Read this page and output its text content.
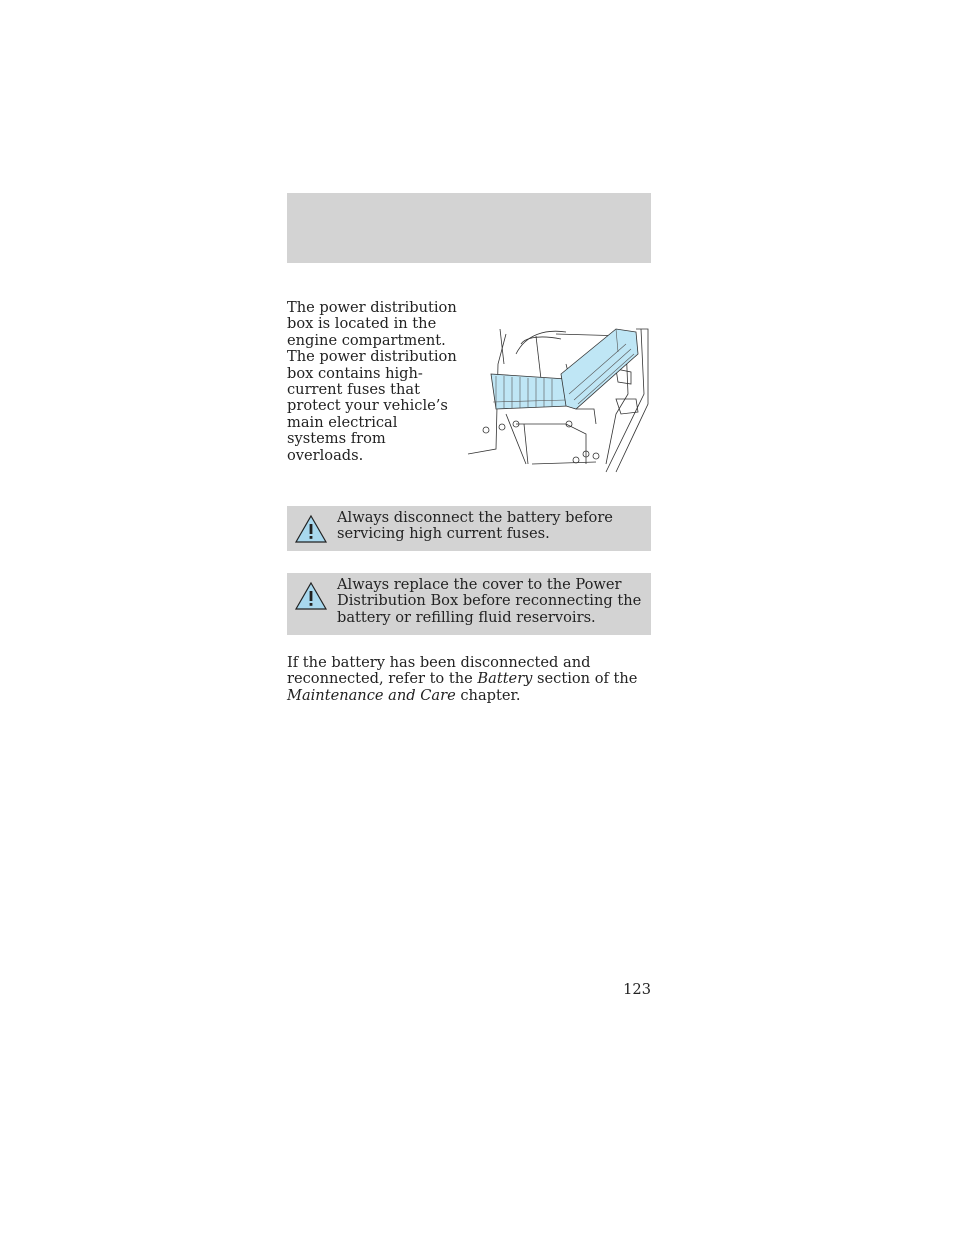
The power distribution box is located in the engine compartment. The power distribution box contains high-current fuses that protect your vehicle’s main electrical systems from overloads.
Always disconnect the battery before servicing high current fuses.
Always replace the cover to the Power Distribution Box before reconnecting the battery or refilling fluid reservoirs.
If the battery has been disconnected and reconnected, refer to the Battery section of the Maintenance and Care chapter.
123
